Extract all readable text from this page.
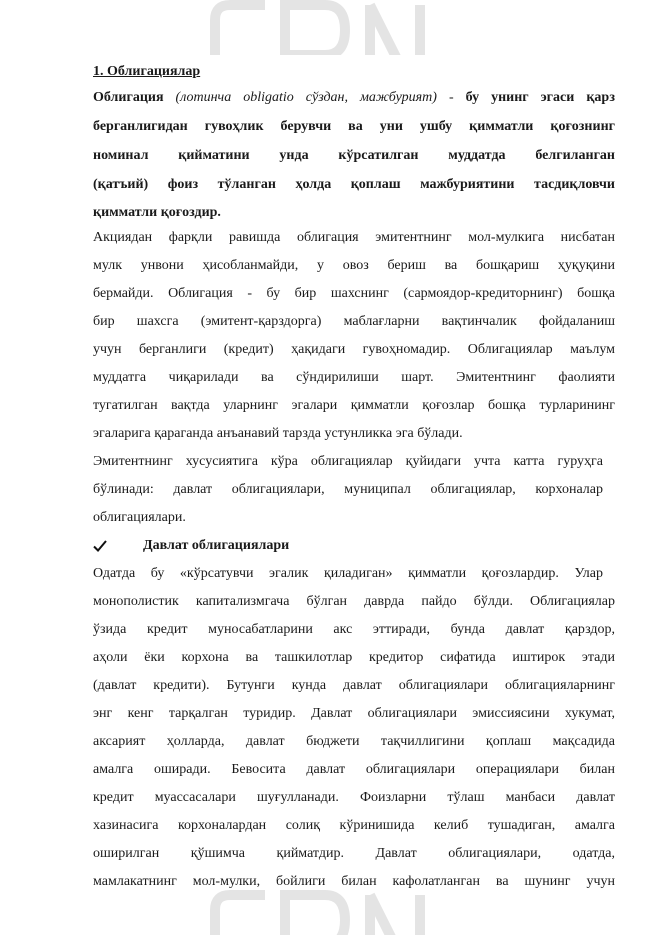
1. Облигациялар
Облигация (лотинча obligatio сўздан, мажбурият) - бу унинг эгаси қарз
берганлигидан гувоҳлик берувчи ва уни ушбу қимматли қоғознинг
номинал қийматини унда кўрсатилган муддатда белгиланган
(қатъий) фоиз тўланган ҳолда қоплаш мажбуриятини тасдиқловчи
қимматли қоғоздир.
Акциядан фарқли равишда облигация эмитентнинг мол-мулкига нисбатан
мулк унвони ҳисобланмайди, у овоз бериш ва бошқариш ҳуқуқини
бермайди. Облигация - бу бир шахснинг (сармоядор-кредиторнинг) бошқа
бир шахсга (эмитент-қарздорга) маблағларни вақтинчалик фойдаланиш
учун берганлиги (кредит) ҳақидаги гувоҳномадир. Облигациялар маълум
муддатга чиқарилади ва сўндирилиши шарт. Эмитентнинг фаолияти
тугатилган вақтда уларнинг эгалари қимматли қоғозлар бошқа турларининг
эгаларига қараганда анъанавий тарзда устунликка эга бўлади.
Эмитентнинг хусусиятига кўра облигациялар қуйидаги учта катта гуруҳга
бўлинади: давлат облигациялари, муниципал облигациялар, корхоналар
облигациялари.
Давлат облигациялари
Одатда бу «кўрсатувчи эгалик қиладиган» қимматли қоғозлардир. Улар
монополистик капитализмгача бўлган даврда пайдо бўлди. Облигациялар
ўзида кредит муносабатларини акс эттиради, бунда давлат қарздор,
аҳоли ёки корхона ва ташкилотлар кредитор сифатида иштирок этади
(давлат кредити). Бутунги кунда давлат облигациялари облигацияларнинг
энг кенг тарқалган туридир. Давлат облигациялари эмиссиясини хукумат,
аксарият ҳолларда, давлат бюджети тақчиллигини қоплаш мақсадида
амалга оширади. Бевосита давлат облигациялари операциялари билан
кредит муассасалари шуғулланади. Фоизларни тўлаш манбаси давлат
хазинасига корхоналардан солиқ кўринишида келиб тушадиган, амалга
оширилган қўшимча қийматдир. Давлат облигациялари, одатда,
мамлакатнинг мол-мулки, бойлиги билан кафолатланган ва шунинг учун
